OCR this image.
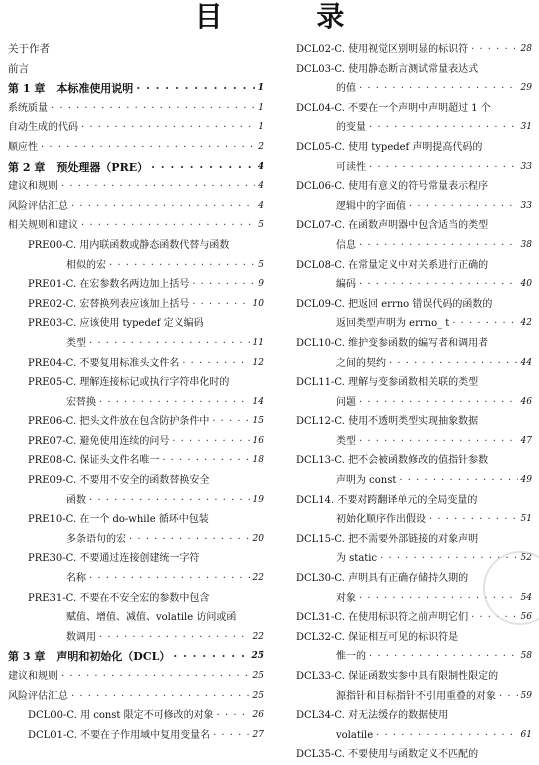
目 录
关于作者
前言
第 1 章　本标准使用说明 · · ·	1
系统质量 · · ·	1
自动生成的代码 · · ·	1
顺应性 · · ·	2
第 2 章　预处理器（PRE） · · ·	4
建议和规则 · · ·	4
风险评估汇总 · · ·	4
相关规则和建议 · · ·	5
PRE00-C. 用内联函数或静态函数代替与函数
相似的宏 · · ·	5
PRE01-C. 在宏参数名两边加上括号 · · ·	9
PRE02-C. 宏替换列表应该加上括号 · · ·	10
PRE03-C. 应该使用 typedef 定义编码
类型 · · ·	11
PRE04-C. 不要复用标准头文件名 · · ·	12
PRE05-C. 理解连接标记或执行字符串化时的
宏替换 · · ·	14
PRE06-C. 把头文件放在包含防护条件中 · · ·	15
PRE07-C. 避免使用连续的问号 · · ·	16
PRE08-C. 保证头文件名唯一 · · ·	18
PRE09-C. 不要用不安全的函数替换安全
函数 · · ·	19
PRE10-C. 在一个 do-while 循环中包装
多条语句的宏 · · ·	20
PRE30-C. 不要通过连接创建统一字符
名称 · · ·	22
PRE31-C. 不要在不安全宏的参数中包含
赋值、增值、减值、volatile 访问或函
数调用 · · ·	22
第 3 章　声明和初始化（DCL） · · ·	25
建议和规则 · · ·	25
风险评估汇总 · · ·	25
DCL00-C. 用 const 限定不可修改的对象 · · ·	26
DCL01-C. 不要在子作用域中复用变量名 · · ·	27
DCL02-C. 使用视觉区别明显的标识符 · · ·	28
DCL03-C. 使用静态断言测试常量表达式
的值 · · ·	29
DCL04-C. 不要在一个声明中声明超过 1 个
的变量 · · ·	31
DCL05-C. 使用 typedef 声明提高代码的
可读性 · · ·	33
DCL06-C. 使用有意义的符号常量表示程序
逻辑中的字面值 · · ·	33
DCL07-C. 在函数声明器中包含适当的类型
信息 · · ·	38
DCL08-C. 在常量定义中对关系进行正确的
编码 · · ·	40
DCL09-C. 把返回 errno 错误代码的函数的
返回类型声明为 errno_ t · · ·	42
DCL10-C. 维护变参函数的编写者和调用者
之间的契约 · · ·	44
DCL11-C. 理解与变参函数相关联的类型
问题 · · ·	46
DCL12-C. 使用不透明类型实现抽象数据
类型 · · ·	47
DCL13-C. 把不会被函数修改的值指针参数
声明为 const · · ·	49
DCL14. 不要对跨翻译单元的全局变量的
初始化顺序作出假设 · · ·	51
DCL15-C. 把不需要外部链接的对象声明
为 static · · ·	52
DCL30-C. 声明具有正确存储持久期的
对象 · · ·	54
DCL31-C. 在使用标识符之前声明它们 · · ·	56
DCL32-C. 保证相互可见的标识符是
惟一的 · · ·	58
DCL33-C. 保证函数实参中具有限制性限定的
源指针和目标指针不引用重叠的对象 · · ·	59
DCL34-C. 对无法缓存的数据使用
volatile · · ·	61
DCL35-C. 不要使用与函数定义不匹配的
